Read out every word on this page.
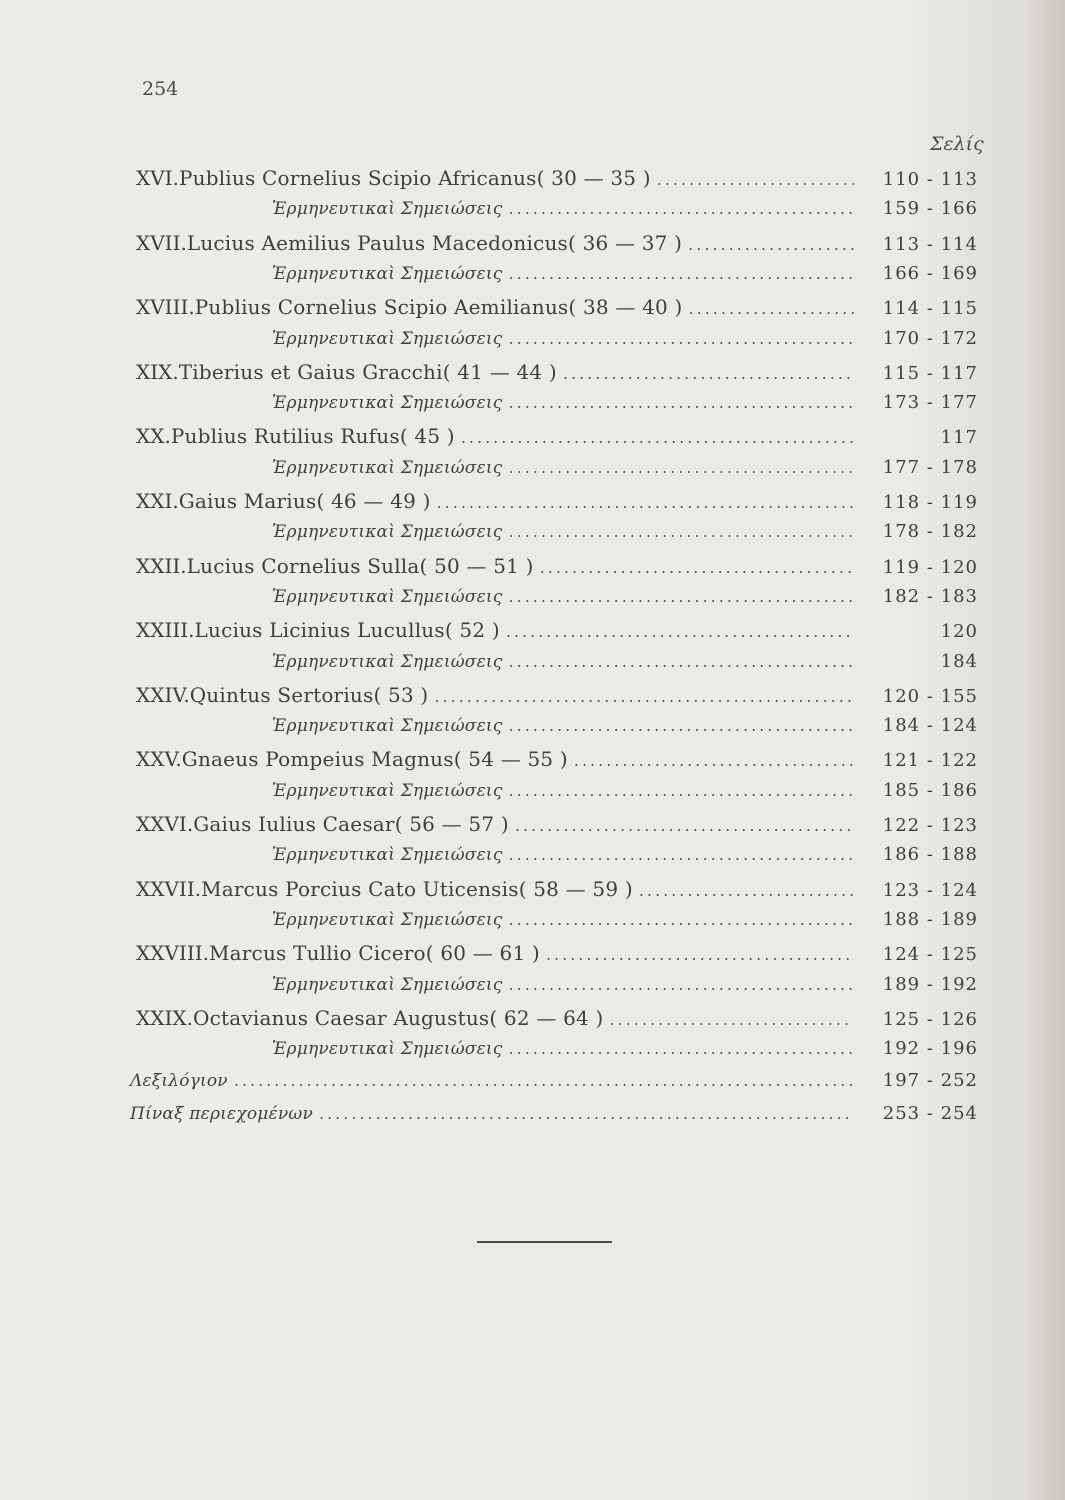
254
Σελίς
XVI. Publius Cornelius Scipio Africanus ( 30 — 35 ) .....	110 - 113
Ἑρμηνευτικαὶ Σημειώσεις .....	159 - 166
XVII. Lucius Aemilius Paulus Macedonicus ( 36 — 37 ) .....	113 - 114
Ἑρμηνευτικαὶ Σημειώσεις .....	166 - 169
XVIII. Publius Cornelius Scipio Aemilianus ( 38 — 40 ) .....	114 - 115
Ἑρμηνευτικαὶ Σημειώσεις .....	170 - 172
XIX. Tiberius et Gaius Gracchi ( 41 — 44 ) .....	115 - 117
Ἑρμηνευτικαὶ Σημειώσεις .....	173 - 177
XX. Publius Rutilius Rufus ( 45 ) .....	117
Ἑρμηνευτικαὶ Σημειώσεις .....	177 - 178
XXI. Gaius Marius ( 46 — 49 ) .....	118 - 119
Ἑρμηνευτικαὶ Σημειώσεις .....	178 - 182
XXII. Lucius Cornelius Sulla ( 50 — 51 ) .....	119 - 120
Ἑρμηνευτικαὶ Σημειώσεις .....	182 - 183
XXIII. Lucius Licinius Lucullus ( 52 ) .....	120
Ἑρμηνευτικαὶ Σημειώσεις .....	184
XXIV. Quintus Sertorius ( 53 ) .....	120 - 155
Ἑρμηνευτικαὶ Σημειώσεις .....	184 - 124
XXV. Gnaeus Pompeius Magnus ( 54 — 55 ) .....	121 - 122
Ἑρμηνευτικαὶ Σημειώσεις .....	185 - 186
XXVI. Gaius Iulius Caesar ( 56 — 57 ) .....	122 - 123
Ἑρμηνευτικαὶ Σημειώσεις .....	186 - 188
XXVII. Marcus Porcius Cato Uticensis ( 58 — 59 ) .....	123 - 124
Ἑρμηνευτικαὶ Σημειώσεις .....	188 - 189
XXVIII. Marcus Tullio Cicero ( 60 — 61 ) .....	124 - 125
Ἑρμηνευτικαὶ Σημειώσεις .....	189 - 192
XXIX. Octavianus Caesar Augustus ( 62 — 64 ) .....	125 - 126
Ἑρμηνευτικαὶ Σημειώσεις .....	192 - 196
Λεξιλόγιον .....	197 - 252
Πίναξ περιεχομένων .....	253 - 254
